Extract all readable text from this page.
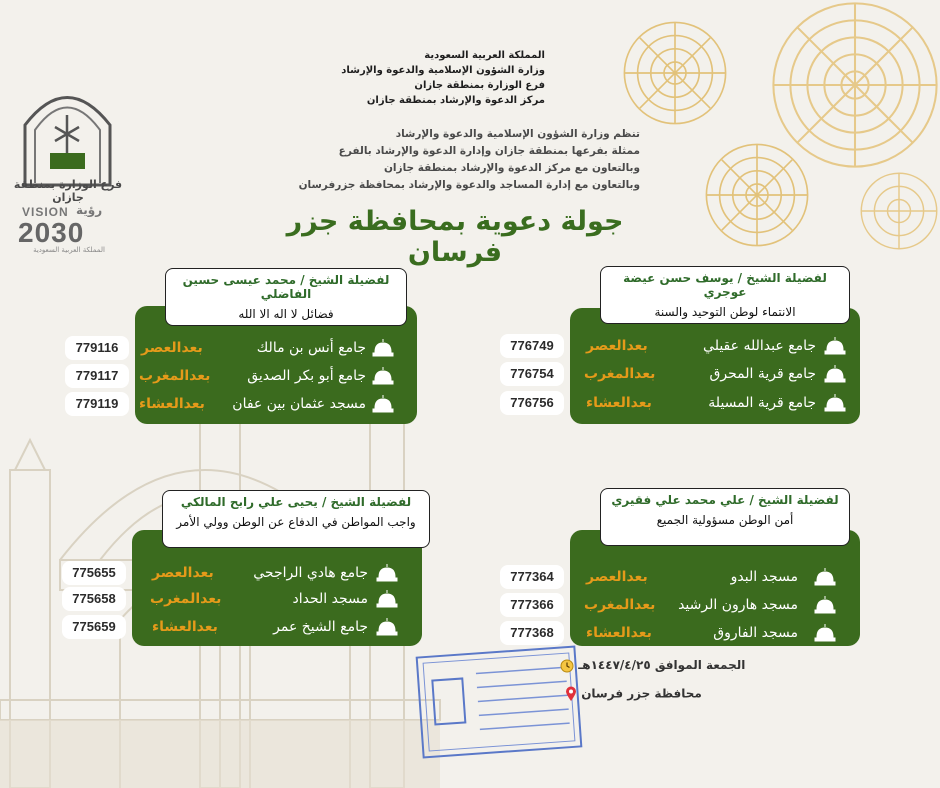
فرع الوزارة بمنطقة جازان
VISION رؤية
2030
المملكة العربية السعودية
المملكة العربية السعودية
وزارة الشؤون الإسلامية والدعوة والإرشاد
فرع الوزارة بمنطقة جازان
مركز الدعوة والإرشاد بمنطقة جازان
تنظم وزارة الشؤون الإسلامية والدعوة والإرشاد
ممثلة بفرعها بمنطقة جازان وإدارة الدعوة والإرشاد بالفرع
وبالتعاون مع مركز الدعوة والإرشاد بمنطقة جازان
وبالتعاون مع إدارة المساجد والدعوة والإرشاد بمحافظة جزرفرسان
جولة دعوية بمحافظة جزر فرسان
لفضيلة الشيخ / يوسف حسن عيضة عوجري
الانتماء لوطن التوحيد والسنة
جامع عبدالله عقيلي
بعدالعصر
776749
جامع قرية المحرق
بعدالمغرب
776754
جامع قرية المسيلة
بعدالعشاء
776756
لفضيلة الشيخ / محمد عيسى حسين الفاضلي
فضائل لا اله الا الله
جامع أنس بن مالك
بعدالعصر
779116
جامع أبو بكر الصديق
بعدالمغرب
779117
مسجد عثمان بين عفان
بعدالعشاء
779119
لفضيلة الشيخ / علي محمد علي فقيري
أمن الوطن مسؤولية الجميع
مسجد البدو
بعدالعصر
777364
مسجد هارون الرشيد
بعدالمغرب
777366
مسجد الفاروق
بعدالعشاء
777368
لفضيلة الشيخ / يحيى علي رابح المالكي
واجب المواطن في الدفاع عن الوطن وولي الأمر
جامع هادي الراجحي
بعدالعصر
775655
مسجد الحداد
بعدالمغرب
775658
جامع الشيخ عمر
بعدالعشاء
775659
الجمعة الموافق ١٤٤٧/٤/٢٥هـ
محافظة جزر فرسان
